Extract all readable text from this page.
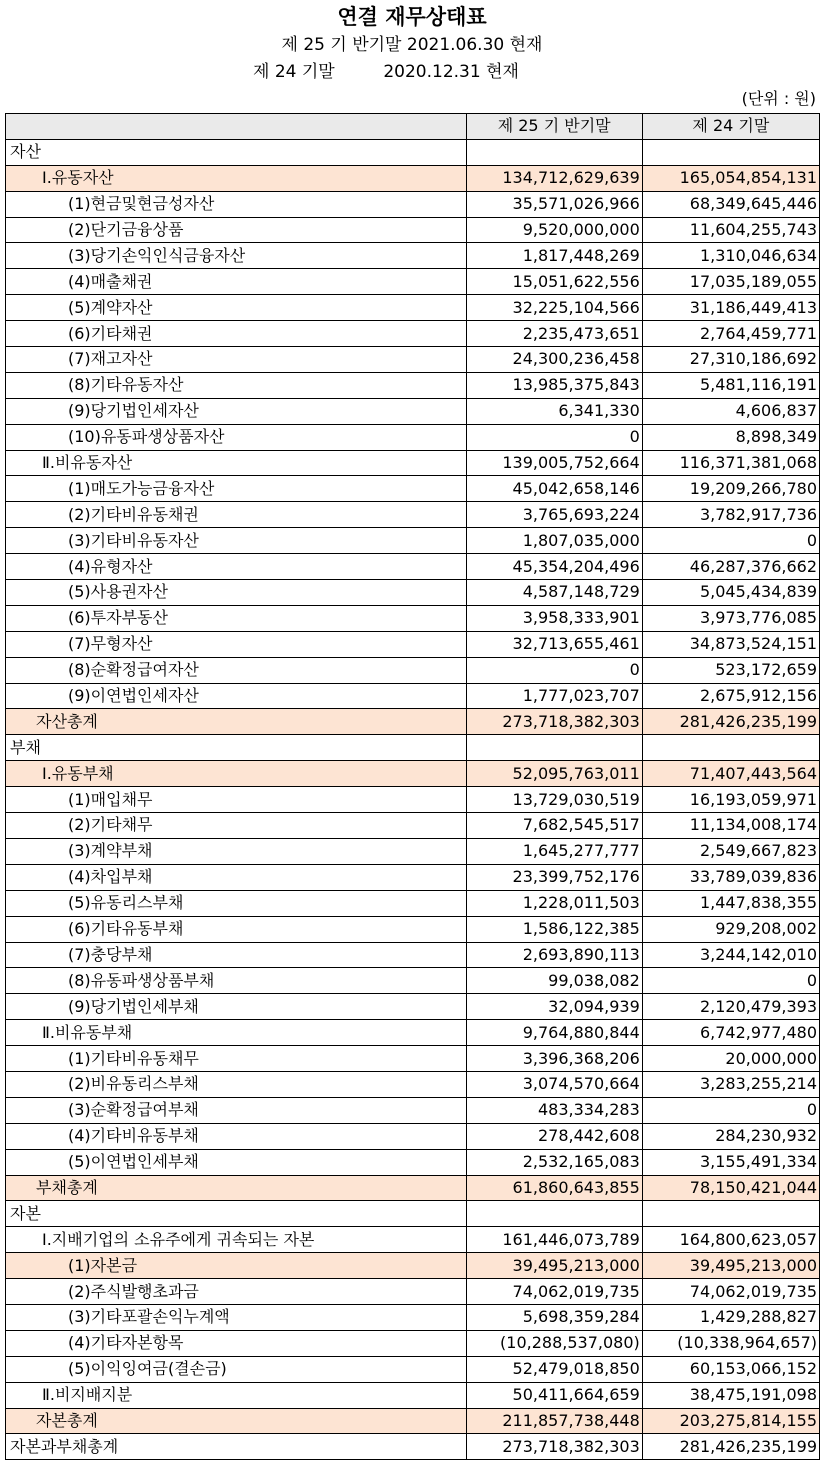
연결 재무상태표
제 25 기 반기말 2021.06.30 현재
제 24 기말         2020.12.31 현재
(단위 : 원)
	제 25 기 반기말	제 24 기말
자산		
Ⅰ.유동자산	134,712,629,639	165,054,854,131
(1)현금및현금성자산	35,571,026,966	68,349,645,446
(2)단기금융상품	9,520,000,000	11,604,255,743
(3)당기손익인식금융자산	1,817,448,269	1,310,046,634
(4)매출채권	15,051,622,556	17,035,189,055
(5)계약자산	32,225,104,566	31,186,449,413
(6)기타채권	2,235,473,651	2,764,459,771
(7)재고자산	24,300,236,458	27,310,186,692
(8)기타유동자산	13,985,375,843	5,481,116,191
(9)당기법인세자산	6,341,330	4,606,837
(10)유동파생상품자산	0	8,898,349
Ⅱ.비유동자산	139,005,752,664	116,371,381,068
(1)매도가능금융자산	45,042,658,146	19,209,266,780
(2)기타비유동채권	3,765,693,224	3,782,917,736
(3)기타비유동자산	1,807,035,000	0
(4)유형자산	45,354,204,496	46,287,376,662
(5)사용권자산	4,587,148,729	5,045,434,839
(6)투자부동산	3,958,333,901	3,973,776,085
(7)무형자산	32,713,655,461	34,873,524,151
(8)순확정급여자산	0	523,172,659
(9)이연법인세자산	1,777,023,707	2,675,912,156
자산총계	273,718,382,303	281,426,235,199
부채		
Ⅰ.유동부채	52,095,763,011	71,407,443,564
(1)매입채무	13,729,030,519	16,193,059,971
(2)기타채무	7,682,545,517	11,134,008,174
(3)계약부채	1,645,277,777	2,549,667,823
(4)차입부채	23,399,752,176	33,789,039,836
(5)유동리스부채	1,228,011,503	1,447,838,355
(6)기타유동부채	1,586,122,385	929,208,002
(7)충당부채	2,693,890,113	3,244,142,010
(8)유동파생상품부채	99,038,082	0
(9)당기법인세부채	32,094,939	2,120,479,393
Ⅱ.비유동부채	9,764,880,844	6,742,977,480
(1)기타비유동채무	3,396,368,206	20,000,000
(2)비유동리스부채	3,074,570,664	3,283,255,214
(3)순확정급여부채	483,334,283	0
(4)기타비유동부채	278,442,608	284,230,932
(5)이연법인세부채	2,532,165,083	3,155,491,334
부채총계	61,860,643,855	78,150,421,044
자본		
Ⅰ.지배기업의 소유주에게 귀속되는 자본	161,446,073,789	164,800,623,057
(1)자본금	39,495,213,000	39,495,213,000
(2)주식발행초과금	74,062,019,735	74,062,019,735
(3)기타포괄손익누계액	5,698,359,284	1,429,288,827
(4)기타자본항목	(10,288,537,080)	(10,338,964,657)
(5)이익잉여금(결손금)	52,479,018,850	60,153,066,152
Ⅱ.비지배지분	50,411,664,659	38,475,191,098
자본총계	211,857,738,448	203,275,814,155
자본과부채총계	273,718,382,303	281,426,235,199
